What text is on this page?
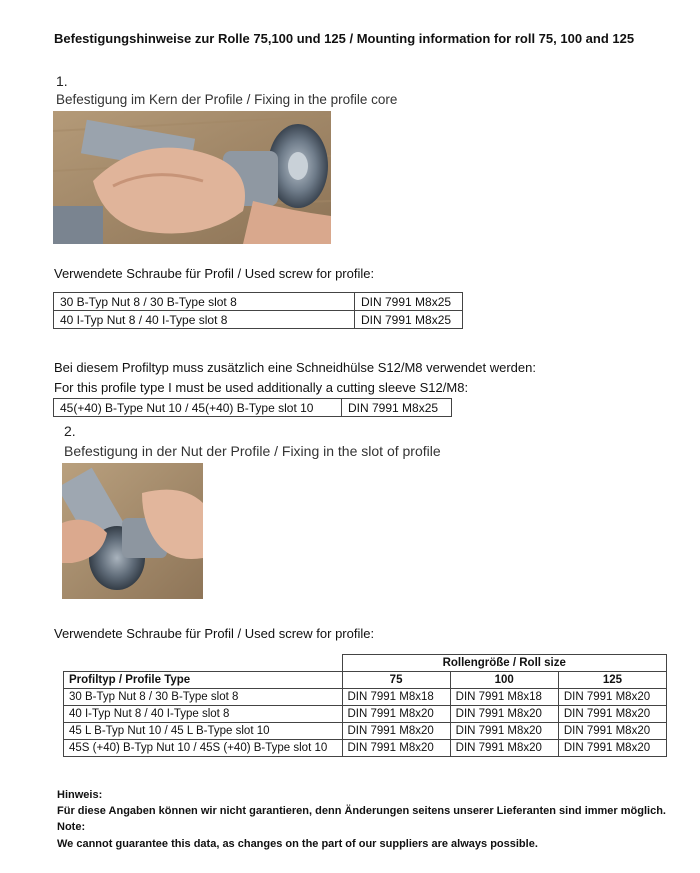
Befestigungshinweise zur Rolle 75,100 und 125 / Mounting information for roll 75, 100 and 125
1.
Befestigung im Kern der Profile / Fixing in the profile core
Verwendete Schraube für Profil / Used screw for profile:
30 B-Typ Nut 8 / 30 B-Type slot 8	DIN 7991 M8x25
40 I-Typ Nut 8 / 40 I-Type slot 8	DIN 7991 M8x25
Bei diesem Profiltyp muss zusätzlich eine Schneidhülse S12/M8 verwendet werden:
For this profile type I must be used additionally a cutting sleeve S12/M8:
45(+40) B-Type Nut 10 / 45(+40) B-Type slot 10	DIN 7991 M8x25
2.
Befestigung in der Nut der Profile / Fixing in the slot of profile
Verwendete Schraube für Profil / Used screw for profile:
	Rollengröße / Roll size		
Profiltyp / Profile Type	75	100	125
30 B-Typ Nut 8 / 30 B-Type slot 8	DIN 7991 M8x18	DIN 7991 M8x18	DIN 7991 M8x20
40 I-Typ Nut 8 / 40 I-Type slot 8	DIN 7991 M8x20	DIN 7991 M8x20	DIN 7991 M8x20
45 L B-Typ Nut 10 / 45 L B-Type slot 10	DIN 7991 M8x20	DIN 7991 M8x20	DIN 7991 M8x20
45S (+40) B-Typ Nut 10 / 45S (+40) B-Type slot 10	DIN 7991 M8x20	DIN 7991 M8x20	DIN 7991 M8x20
Hinweis:
Für diese Angaben können wir nicht garantieren, denn Änderungen seitens unserer Lieferanten sind immer möglich.
Note:
We cannot guarantee this data, as changes on the part of our suppliers are always possible.
